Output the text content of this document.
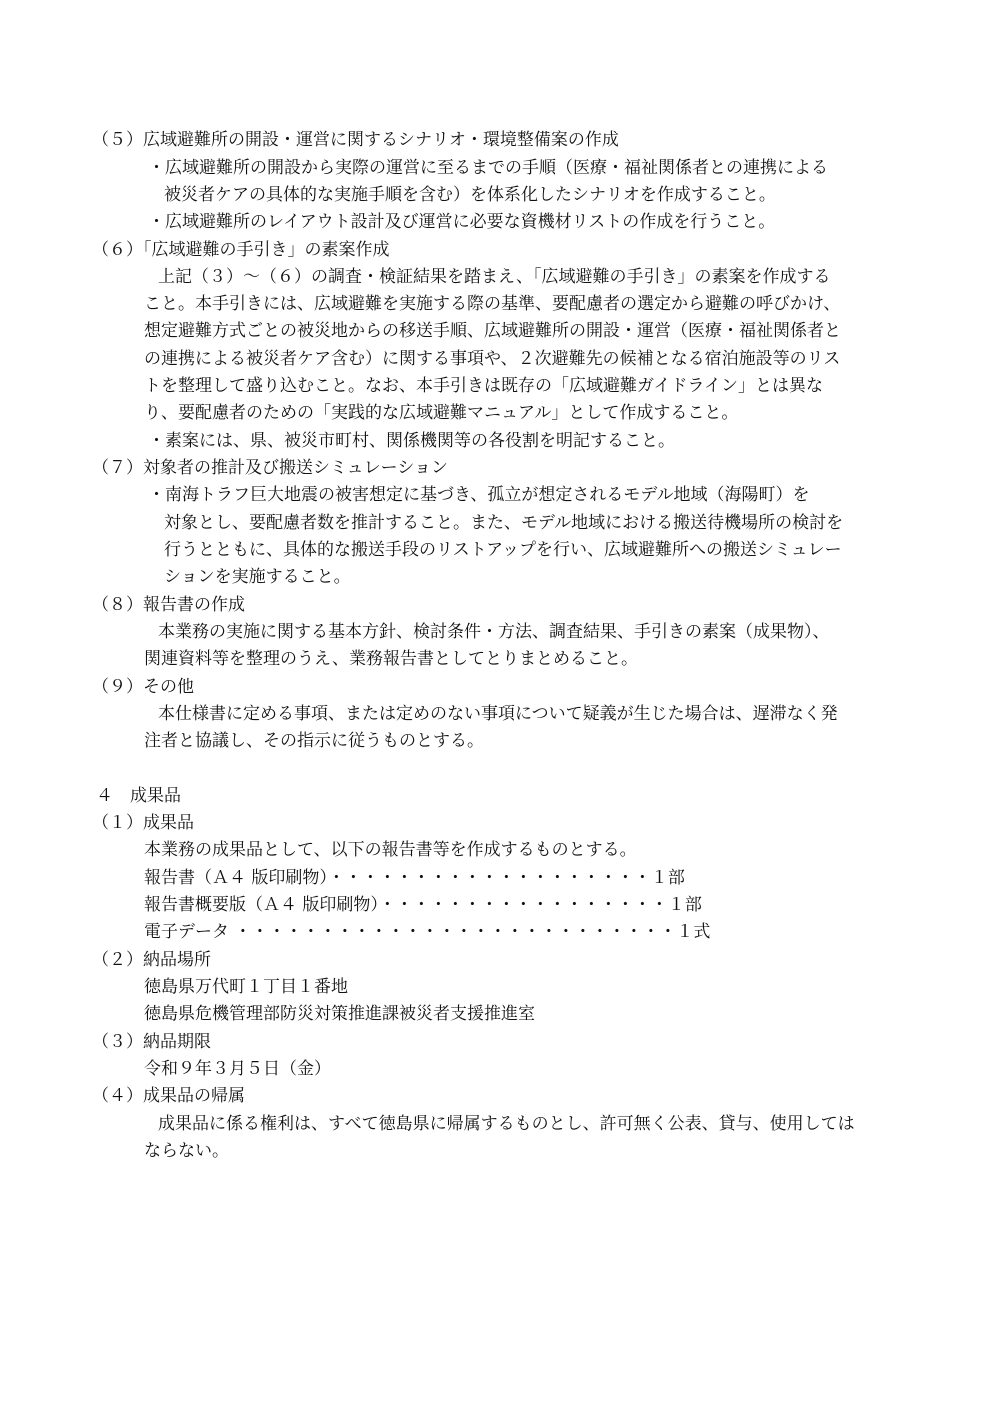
（５）広域避難所の開設・運営に関するシナリオ・環境整備案の作成
・広域避難所の開設から実際の運営に至るまでの手順（医療・福祉関係者との連携による
被災者ケアの具体的な実施手順を含む）を体系化したシナリオを作成すること。
・広域避難所のレイアウト設計及び運営に必要な資機材リストの作成を行うこと。
（６）「広域避難の手引き」の素案作成
上記（３）～（６）の調査・検証結果を踏まえ、「広域避難の手引き」の素案を作成する
こと。本手引きには、広域避難を実施する際の基準、要配慮者の選定から避難の呼びかけ、
想定避難方式ごとの被災地からの移送手順、広域避難所の開設・運営（医療・福祉関係者と
の連携による被災者ケア含む）に関する事項や、２次避難先の候補となる宿泊施設等のリス
トを整理して盛り込むこと。なお、本手引きは既存の「広域避難ガイドライン」とは異な
り、要配慮者のための「実践的な広域避難マニュアル」として作成すること。
・素案には、県、被災市町村、関係機関等の各役割を明記すること。
（７）対象者の推計及び搬送シミュレーション
・南海トラフ巨大地震の被害想定に基づき、孤立が想定されるモデル地域（海陽町）を
対象とし、要配慮者数を推計すること。また、モデル地域における搬送待機場所の検討を
行うとともに、具体的な搬送手段のリストアップを行い、広域避難所への搬送シミュレー
ションを実施すること。
（８）報告書の作成
本業務の実施に関する基本方針、検討条件・方法、調査結果、手引きの素案（成果物）、
関連資料等を整理のうえ、業務報告書としてとりまとめること。
（９）その他
本仕様書に定める事項、または定めのない事項について疑義が生じた場合は、遅滞なく発
注者と協議し、その指示に従うものとする。
４　成果品
（１）成果品
本業務の成果品として、以下の報告書等を作成するものとする。
報告書（Ａ４ 版印刷物）・・・・・・・・・・・・・・・・・・・１部
報告書概要版（Ａ４ 版印刷物）・・・・・・・・・・・・・・・・・１部
電子データ ・・・・・・・・・・・・・・・・・・・・・・・・・・１式
（２）納品場所
徳島県万代町１丁目１番地
徳島県危機管理部防災対策推進課被災者支援推進室
（３）納品期限
令和９年３月５日（金）
（４）成果品の帰属
成果品に係る権利は、すべて徳島県に帰属するものとし、許可無く公表、貸与、使用しては
ならない。
